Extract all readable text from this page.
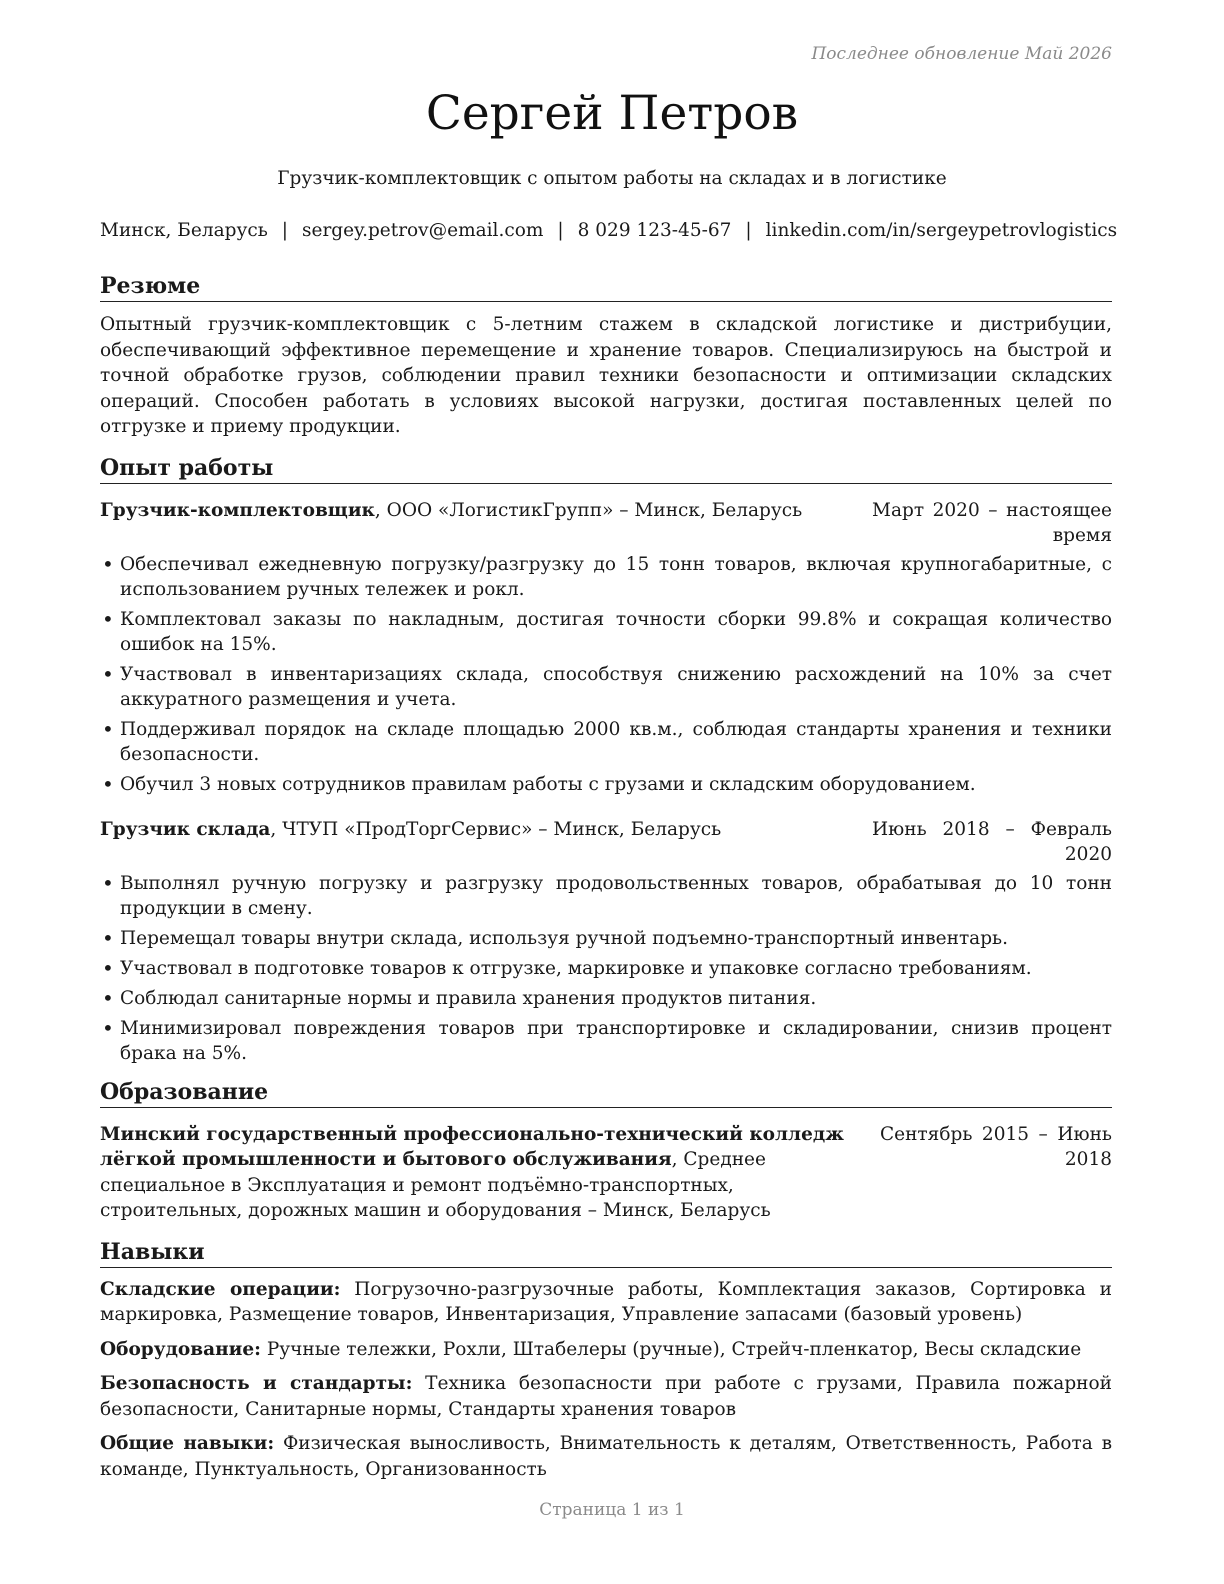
Последнее обновление Май 2026
Сергей Петров
Грузчик-комплектовщик с опытом работы на складах и в логистике
Минск, Беларусь | sergey.petrov@email.com | 8 029 123-45-67 | linkedin.com/in/sergeypetrovlogistics
Резюме

Опытный грузчик-комплектовщик с 5-летним стажем в складской логистике и дистрибуции, обеспечивающий эффективное перемещение и хранение товаров. Специализируюсь на быстрой и точной обработке грузов, соблюдении правил техники безопасности и оптимизации складских операций. Способен работать в условиях высокой нагрузки, достигая поставленных целей по отгрузке и приему продукции.

Опыт работы
Грузчик-комплектовщик, ООО «ЛогистикГрупп» – Минск, Беларусь	Март 2020 – настоящее время
• Обеспечивал ежедневную погрузку/разгрузку до 15 тонн товаров, включая крупногабаритные, с использованием ручных тележек и рокл.
• Комплектовал заказы по накладным, достигая точности сборки 99.8% и сокращая количество ошибок на 15%.
• Участвовал в инвентаризациях склада, способствуя снижению расхождений на 10% за счет аккуратного размещения и учета.
• Поддерживал порядок на складе площадью 2000 кв.м., соблюдая стандарты хранения и техники безопасности.
• Обучил 3 новых сотрудников правилам работы с грузами и складским оборудованием.
Грузчик склада, ЧТУП «ПродТоргСервис» – Минск, Беларусь	Июнь 2018 – Февраль 2020
• Выполнял ручную погрузку и разгрузку продовольственных товаров, обрабатывая до 10 тонн продукции в смену.
• Перемещал товары внутри склада, используя ручной подъемно-транспортный инвентарь.
• Участвовал в подготовке товаров к отгрузке, маркировке и упаковке согласно требованиям.
• Соблюдал санитарные нормы и правила хранения продуктов питания.
• Минимизировал повреждения товаров при транспортировке и складировании, снизив процент брака на 5%.
Образование
Минский государственный профессионально-технический колледж лёгкой промышленности и бытового обслуживания, Среднее специальное в Эксплуатация и ремонт подъёмно-транспортных, строительных, дорожных машин и оборудования – Минск, Беларусь
Сентябрь 2015 – Июнь 2018
Навыки
Складские операции: Погрузочно-разгрузочные работы, Комплектация заказов, Сортировка и маркировка, Размещение товаров, Инвентаризация, Управление запасами (базовый уровень)
Оборудование: Ручные тележки, Рохли, Штабелеры (ручные), Стрейч-пленкатор, Весы складские
Безопасность и стандарты: Техника безопасности при работе с грузами, Правила пожарной безопасности, Санитарные нормы, Стандарты хранения товаров
Общие навыки: Физическая выносливость, Внимательность к деталям, Ответственность, Работа в команде, Пунктуальность, Организованность
Страница 1 из 1
